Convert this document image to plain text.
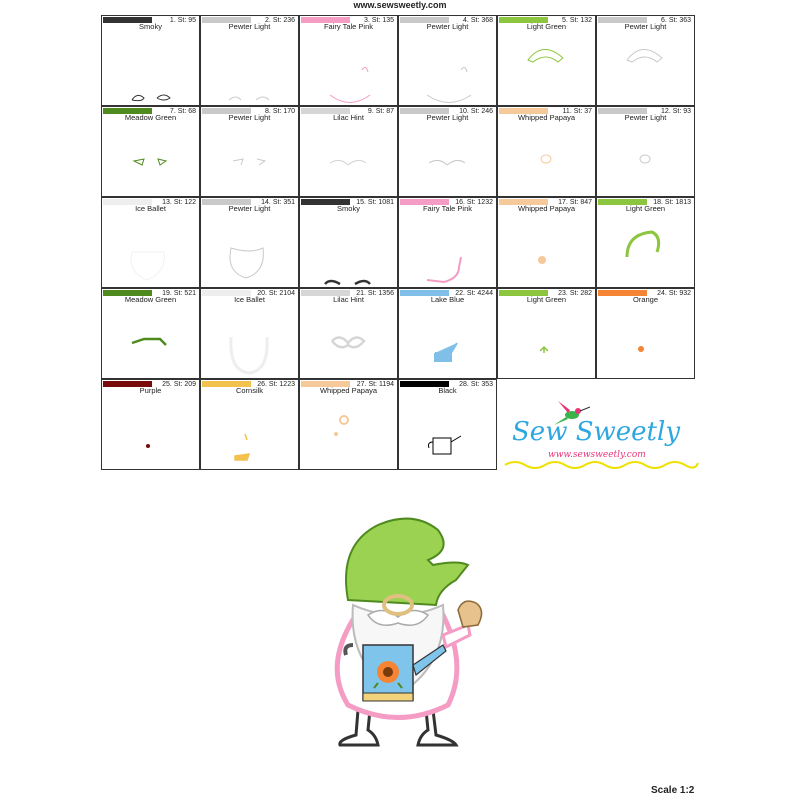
www.sewsweetly.com
1. St: 95
Smoky
2. St: 236
Pewter Light
3. St: 135
Fairy Tale Pink
4. St: 368
Pewter Light
5. St: 132
Light Green
6. St: 363
Pewter Light
7. St: 68
Meadow Green
8. St: 170
Pewter Light
9. St: 87
Lilac Hint
10. St: 246
Pewter Light
11. St: 37
Whipped Papaya
12. St: 93
Pewter Light
13. St: 122
Ice Ballet
14. St: 351
Pewter Light
15. St: 1081
Smoky
16. St: 1232
Fairy Tale Pink
17. St: 847
Whipped Papaya
18. St: 1813
Light Green
19. St: 521
Meadow Green
20. St: 2104
Ice Ballet
21. St: 1356
Lilac Hint
22. St: 4244
Lake Blue
23. St: 282
Light Green
24. St: 932
Orange
25. St: 209
Purple
26. St: 1223
Cornsilk
27. St: 1194
Whipped Papaya
28. St: 353
Black
Sew Sweetly
www.sewsweetly.com
Scale 1:2
